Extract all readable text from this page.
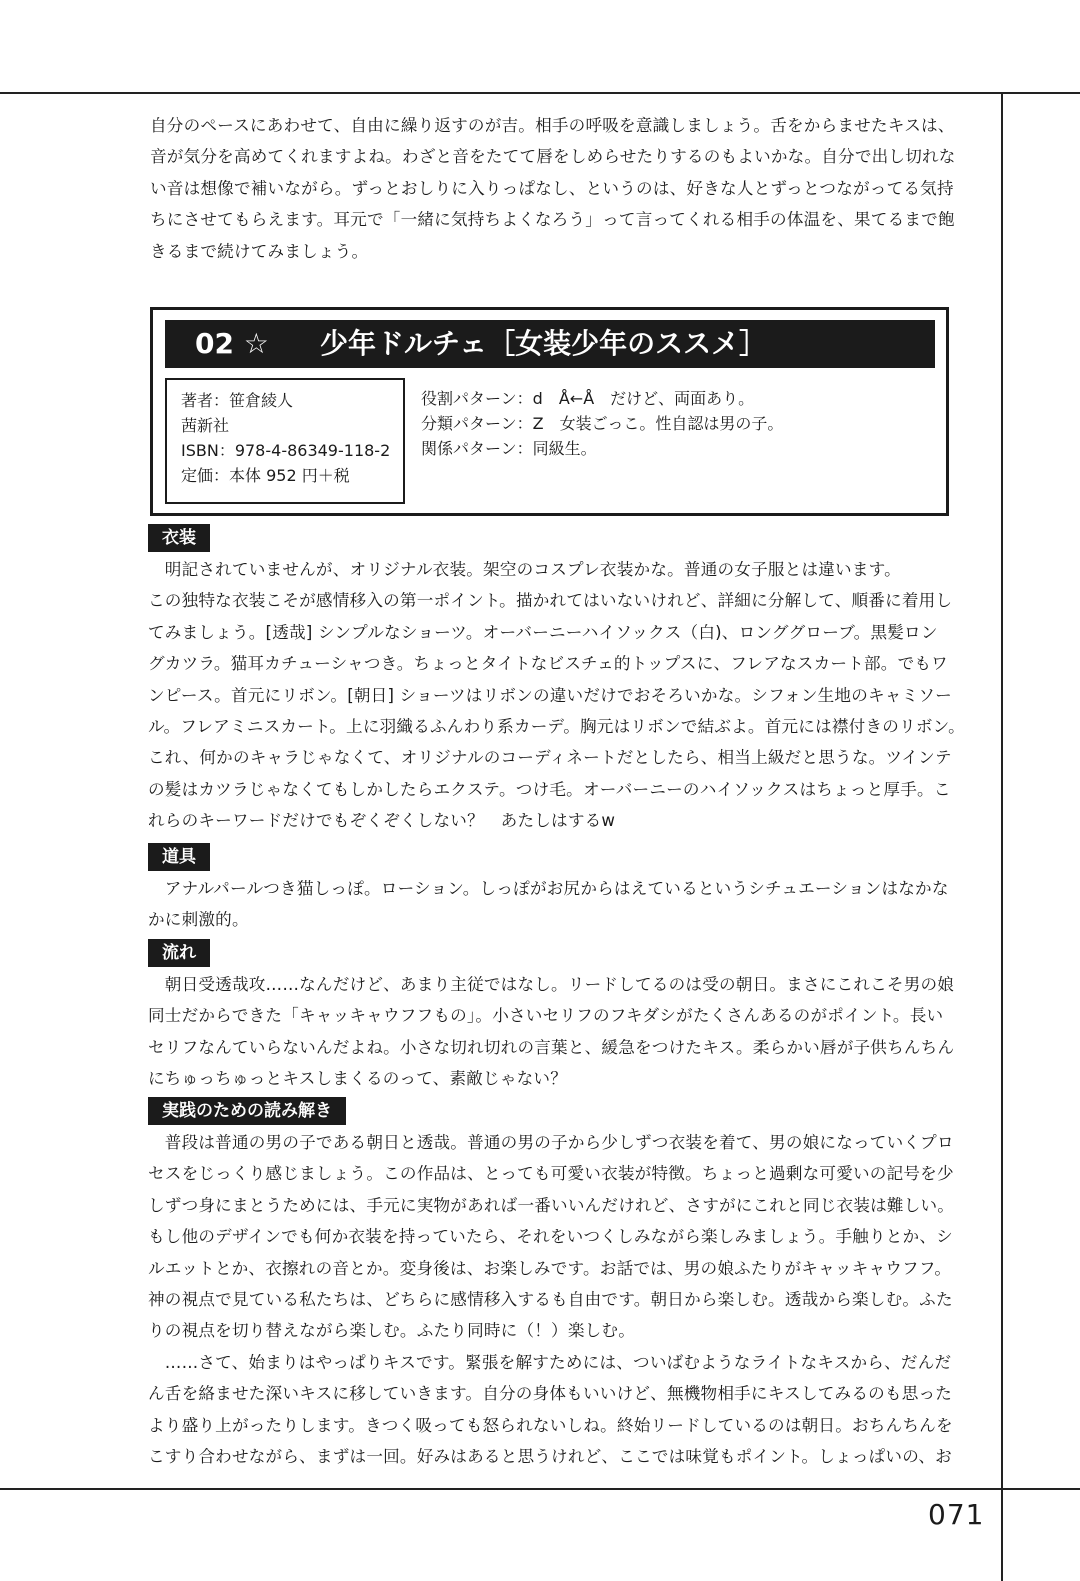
自分のペースにあわせて、自由に繰り返すのが吉。相手の呼吸を意識しましょう。舌をからませたキスは、

音が気分を高めてくれますよね。わざと音をたてて唇をしめらせたりするのもよいかな。自分で出し切れな

い音は想像で補いながら。ずっとおしりに入りっぱなし、というのは、好きな人とずっとつながってる気持

ちにさせてもらえます。耳元で「一緒に気持ちよくなろう」って言ってくれる相手の体温を、果てるまで飽

きるまで続けてみましょう。

02 ☆ 少年ドルチェ［女装少年のススメ］
著者：笹倉綾人
茜新社
ISBN：978-4-86349-118-2
定価：本体 952 円＋税
役割パターン：d　Å←Å　だけど、両面あり。
分類パターン：Z　女装ごっこ。性自認は男の子。
関係パターン：同級生。
衣装

　明記されていませんが、オリジナル衣装。架空のコスプレ衣装かな。普通の女子服とは違います。

この独特な衣装こそが感情移入の第一ポイント。描かれてはいないけれど、詳細に分解して、順番に着用し

てみましょう。[透哉] シンプルなショーツ。オーバーニーハイソックス（白)、ロンググローブ。黒髪ロン

グカツラ。猫耳カチューシャつき。ちょっとタイトなビスチェ的トップスに、フレアなスカート部。でもワ

ンピース。首元にリボン。[朝日] ショーツはリボンの違いだけでおそろいかな。シフォン生地のキャミソー

ル。フレアミニスカート。上に羽織るふんわり系カーデ。胸元はリボンで結ぶよ。首元には襟付きのリボン。

これ、何かのキャラじゃなくて、オリジナルのコーディネートだとしたら、相当上級だと思うな。ツインテ

の髪はカツラじゃなくてもしかしたらエクステ。つけ毛。オーバーニーのハイソックスはちょっと厚手。こ

れらのキーワードだけでもぞくぞくしない？　あたしはするw

道具

　アナルパールつき猫しっぽ。ローション。しっぽがお尻からはえているというシチュエーションはなかな

かに刺激的。

流れ

　朝日受透哉攻……なんだけど、あまり主従ではなし。リードしてるのは受の朝日。まさにこれこそ男の娘

同士だからできた「キャッキャウフフもの」。小さいセリフのフキダシがたくさんあるのがポイント。長い

セリフなんていらないんだよね。小さな切れ切れの言葉と、緩急をつけたキス。柔らかい唇が子供ちんちん

にちゅっちゅっとキスしまくるのって、素敵じゃない？

実践のための読み解き

　普段は普通の男の子である朝日と透哉。普通の男の子から少しずつ衣装を着て、男の娘になっていくプロ

セスをじっくり感じましょう。この作品は、とっても可愛い衣装が特徴。ちょっと過剰な可愛いの記号を少

しずつ身にまとうためには、手元に実物があれば一番いいんだけれど、さすがにこれと同じ衣装は難しい。

もし他のデザインでも何か衣装を持っていたら、それをいつくしみながら楽しみましょう。手触りとか、シ

ルエットとか、衣擦れの音とか。変身後は、お楽しみです。お話では、男の娘ふたりがキャッキャウフフ。

神の視点で見ている私たちは、どちらに感情移入するも自由です。朝日から楽しむ。透哉から楽しむ。ふた

りの視点を切り替えながら楽しむ。ふたり同時に（！）楽しむ。

　……さて、始まりはやっぱりキスです。緊張を解すためには、ついばむようなライトなキスから、だんだ

ん舌を絡ませた深いキスに移していきます。自分の身体もいいけど、無機物相手にキスしてみるのも思った

より盛り上がったりします。きつく吸っても怒られないしね。終始リードしているのは朝日。おちんちんを

こすり合わせながら、まずは一回。好みはあると思うけれど、ここでは味覚もポイント。しょっぱいの、お

071
